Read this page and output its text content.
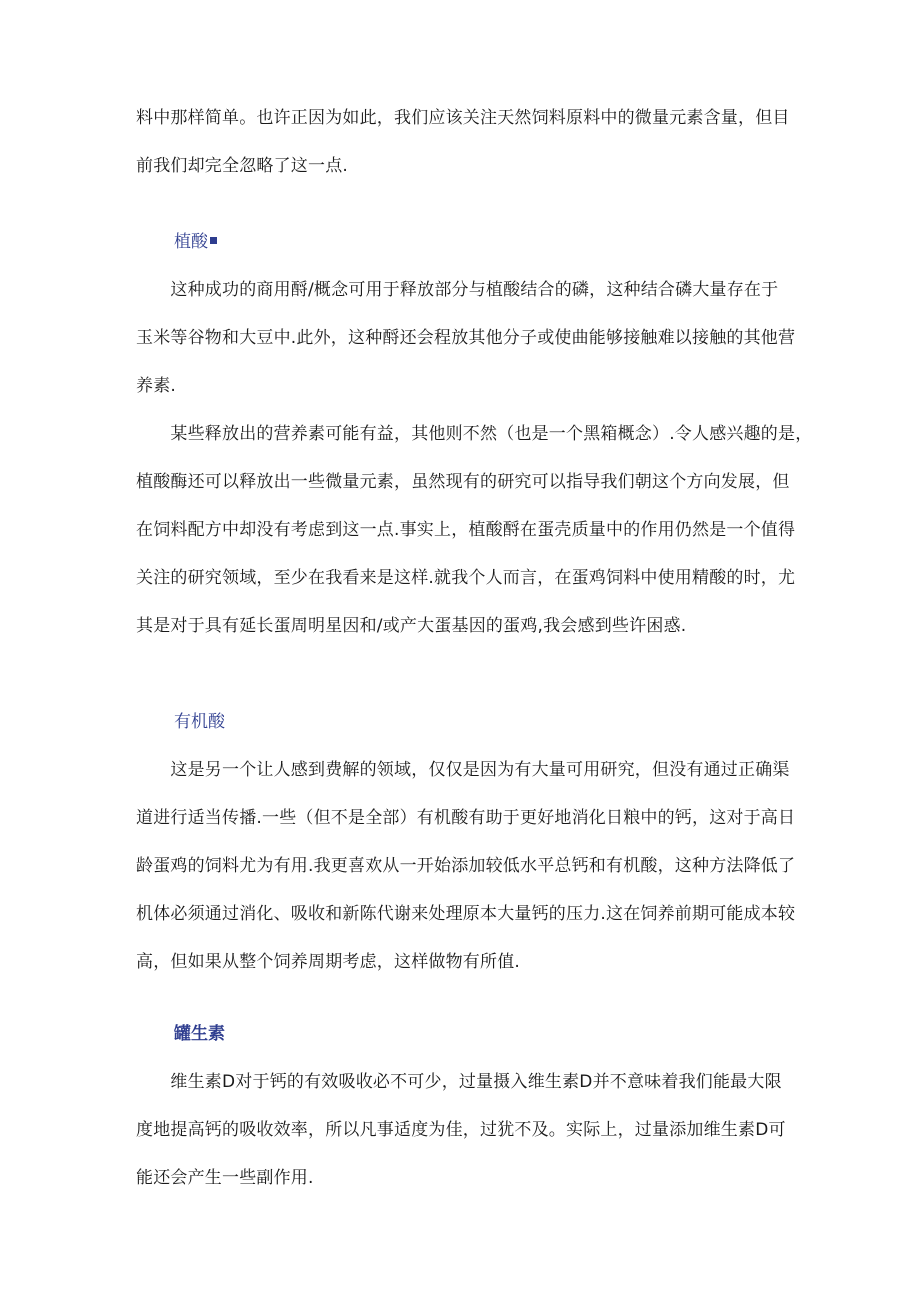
料中那样简单。也许正因为如此，我们应该关注天然饲料原料中的微量元素含量，但目

前我们却完全忽略了这一点.

植酸

　　这种成功的商用酹/概念可用于释放部分与植酸结合的磷，这种结合磷大量存在于

玉米等谷物和大豆中.此外，这种酹还会程放其他分子或使曲能够接触难以接触的其他营

养素.

　　某些释放出的营养素可能有益，其他则不然（也是一个黑箱概念）.令人感兴趣的是，

植酸酶还可以释放出一些微量元素，虽然现有的研究可以指导我们朝这个方向发展，但

在饲料配方中却没有考虑到这一点.事实上，植酸酹在蛋壳质量中的作用仍然是一个值得

关注的研究领域，至少在我看来是这样.就我个人而言，在蛋鸡饲料中使用精酸的时，尤

其是对于具有延长蛋周明星因和/或产大蛋基因的蛋鸡,我会感到些许困惑.

有机酸

　　这是另一个让人感到费解的领域，仅仅是因为有大量可用研究，但没有通过正确渠

道进行适当传播.一些（但不是全部）有机酸有助于更好地消化日粮中的钙，这对于高日

龄蛋鸡的饲料尤为有用.我更喜欢从一开始添加较低水平总钙和有机酸，这种方法降低了

机体必须通过消化、吸收和新陈代谢来处理原本大量钙的压力.这在饲养前期可能成本较

高，但如果从整个饲养周期考虑，这样做物有所值.

罐生素

　　维生素D对于钙的有效吸收必不可少，过量摄入维生素D并不意味着我们能最大限

度地提高钙的吸收效率，所以凡事适度为佳，过犹不及。实际上，过量添加维生素D可

能还会产生一些副作用.
